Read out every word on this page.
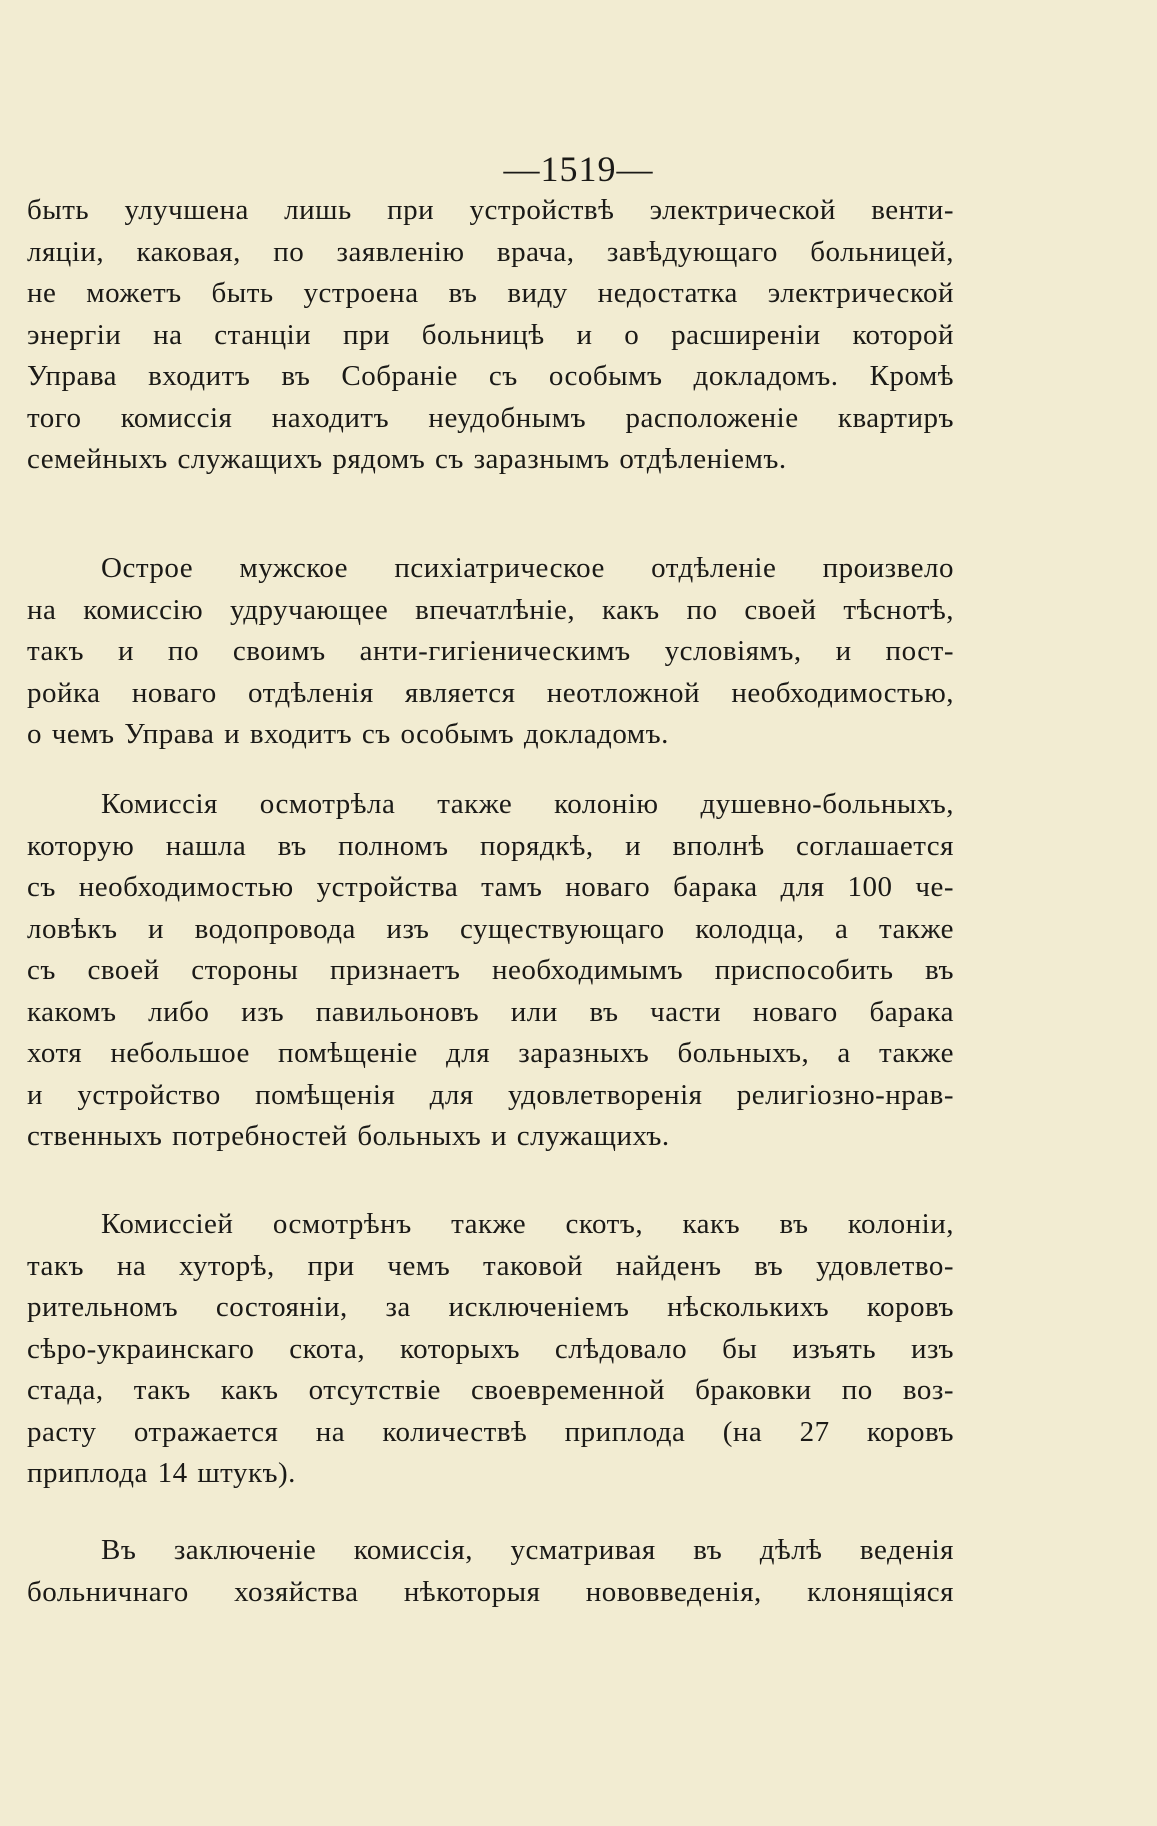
—1519—
быть улучшена лишь при устройствѣ электрической венти-
ляціи, каковая, по заявленію врача, завѣдующаго больницей,
не можетъ быть устроена въ виду недостатка электрической
энергіи на станціи при больницѣ и о расширеніи которой
Управа входитъ въ Собраніе съ особымъ докладомъ. Кромѣ
того комиссія находитъ неудобнымъ расположеніе квартиръ
семейныхъ служащихъ рядомъ съ заразнымъ отдѣленіемъ.
Острое мужское психіатрическое отдѣленіе произвело
на комиссію удручающее впечатлѣніе, какъ по своей тѣснотѣ,
такъ и по своимъ анти-гигіеническимъ условіямъ, и пост-
ройка новаго отдѣленія является неотложной необходимостью,
о чемъ Управа и входитъ съ особымъ докладомъ.
Комиссія осмотрѣла также колонію душевно-больныхъ,
которую нашла въ полномъ порядкѣ, и вполнѣ соглашается
съ необходимостью устройства тамъ новаго барака для 100 че-
ловѣкъ и водопровода изъ существующаго колодца, а также
съ своей стороны признаетъ необходимымъ приспособить въ
какомъ либо изъ павильоновъ или въ части новаго барака
хотя небольшое помѣщеніе для заразныхъ больныхъ, а также
и устройство помѣщенія для удовлетворенія религіозно-нрав-
ственныхъ потребностей больныхъ и служащихъ.
Комиссіей осмотрѣнъ также скотъ, какъ въ колоніи,
такъ на хуторѣ, при чемъ таковой найденъ въ удовлетво-
рительномъ состояніи, за исключеніемъ нѣсколькихъ коровъ
сѣро-украинскаго скота, которыхъ слѣдовало бы изъять изъ
стада, такъ какъ отсутствіе своевременной браковки по воз-
расту отражается на количествѣ приплода (на 27 коровъ
приплода 14 штукъ).
Въ заключеніе комиссія, усматривая въ дѣлѣ веденія
больничнаго хозяйства нѣкоторыя нововведенія, клонящіяся
